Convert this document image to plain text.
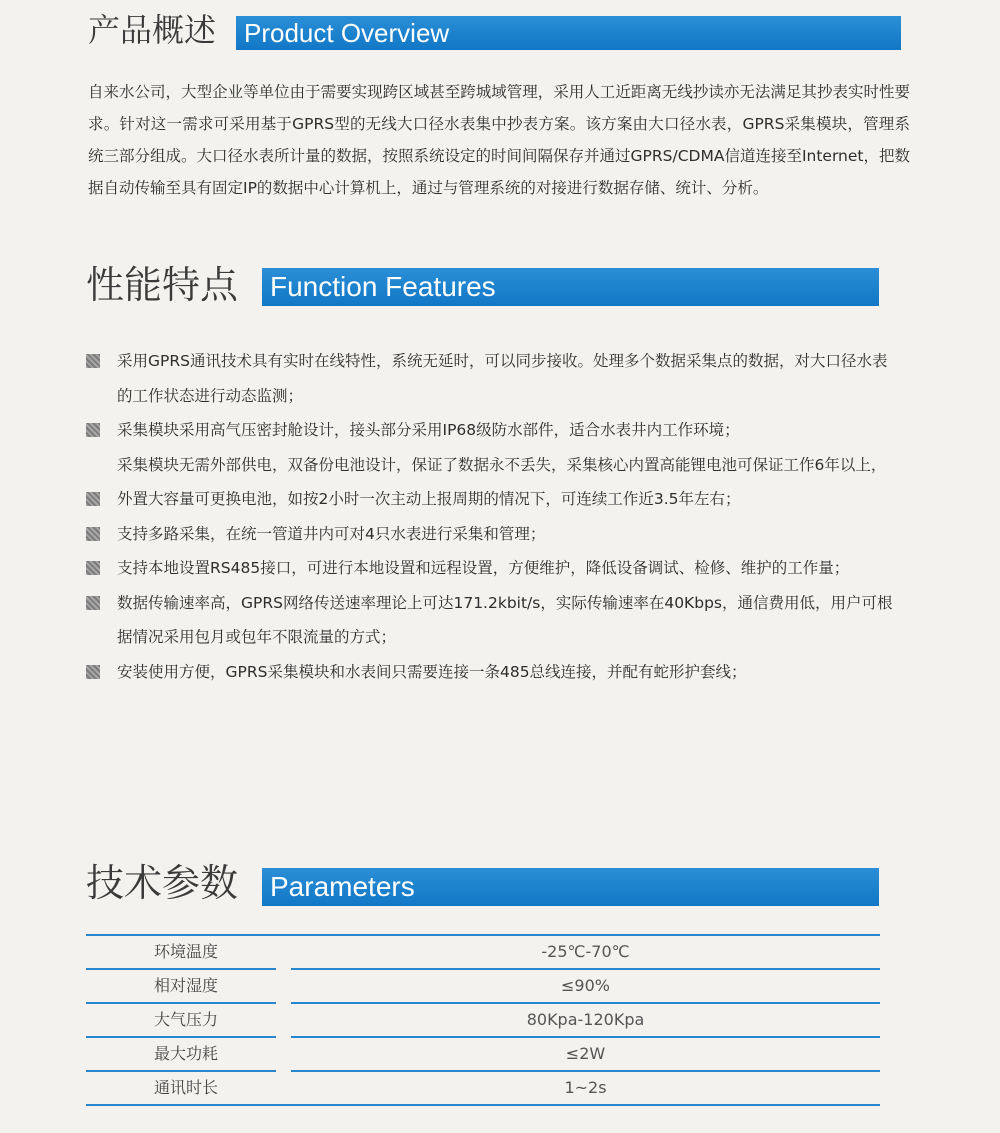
产品概述	Product Overview
自来水公司，大型企业等单位由于需要实现跨区域甚至跨城域管理，采用人工近距离无线抄读亦无法满足其抄表实时性要求。针对这一需求可采用基于GPRS型的无线大口径水表集中抄表方案。该方案由大口径水表，GPRS采集模块，管理系统三部分组成。大口径水表所计量的数据，按照系统设定的时间间隔保存并通过GPRS/CDMA信道连接至Internet，把数据自动传输至具有固定IP的数据中心计算机上，通过与管理系统的对接进行数据存储、统计、分析。
性能特点 Function Features
采用GPRS通讯技术具有实时在线特性，系统无延时，可以同步接收。处理多个数据采集点的数据，对大口径水表的工作状态进行动态监测；
采集模块采用高气压密封舱设计，接头部分采用IP68级防水部件，适合水表井内工作环境；
采集模块无需外部供电，双备份电池设计，保证了数据永不丢失，采集核心内置高能锂电池可保证工作6年以上，外置大容量可更换电池，如按2小时一次主动上报周期的情况下，可连续工作近3.5年左右；
支持多路采集，在统一管道井内可对4只水表进行采集和管理；
支持本地设置RS485接口，可进行本地设置和远程设置，方便维护，降低设备调试、检修、维护的工作量；
数据传输速率高，GPRS网络传送速率理论上可达171.2kbit/s，实际传输速率在40Kbps，通信费用低，用户可根据情况采用包月或包年不限流量的方式；
安装使用方便，GPRS采集模块和水表间只需要连接一条485总线连接，并配有蛇形护套线；
技术参数 Parameters
环境温度	-25℃-70℃
相对湿度	≤90%
大气压力	80Kpa-120Kpa
最大功耗	≤2W
通讯时长	1~2s
